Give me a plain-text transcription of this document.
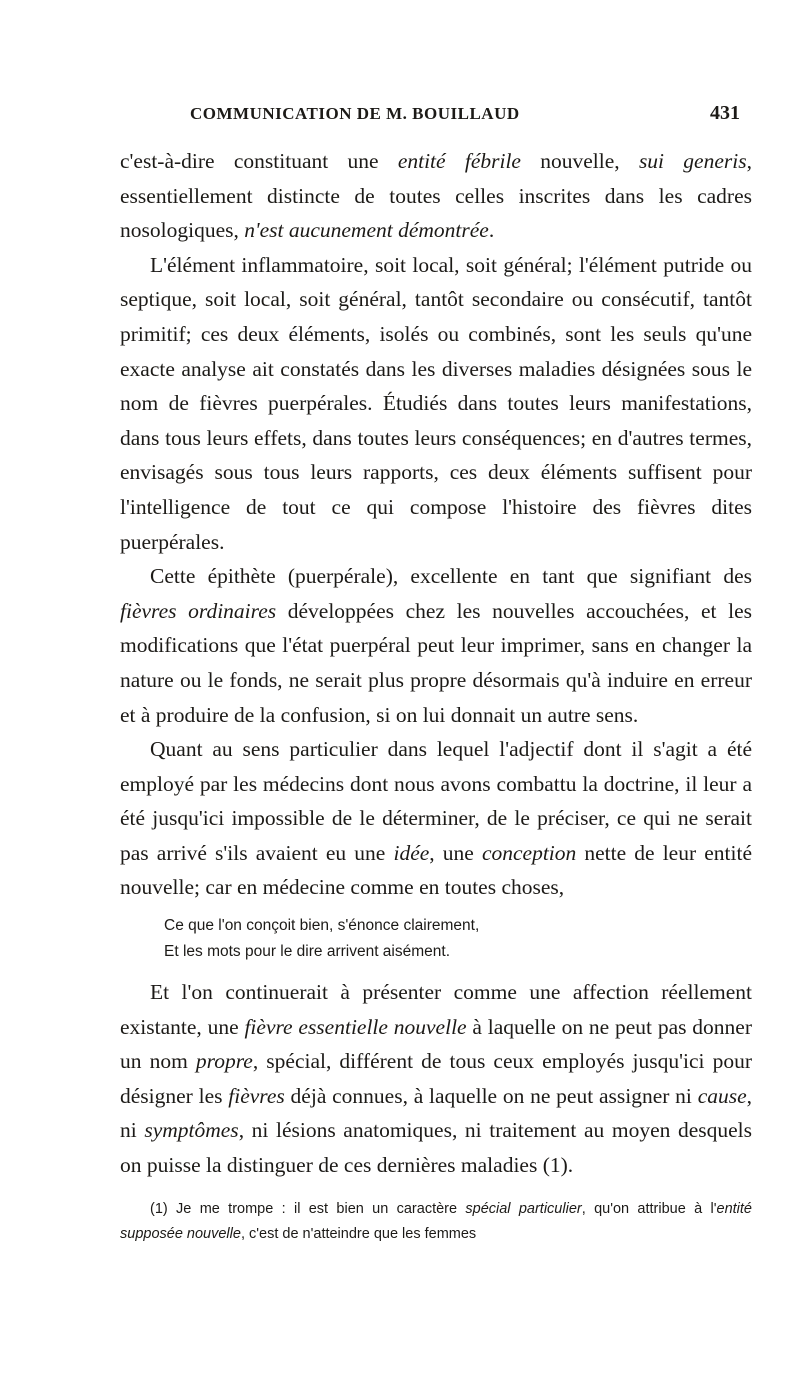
COMMUNICATION DE M. BOUILLAUD	431

c'est-à-dire constituant une entité fébrile nouvelle, sui generis, essentiellement distincte de toutes celles inscrites dans les cadres nosologiques, n'est aucunement démontrée.

L'élément inflammatoire, soit local, soit général; l'élément putride ou septique, soit local, soit général, tantôt secondaire ou consécutif, tantôt primitif; ces deux éléments, isolés ou combinés, sont les seuls qu'une exacte analyse ait constatés dans les diverses maladies désignées sous le nom de fièvres puerpérales. Étudiés dans toutes leurs manifestations, dans tous leurs effets, dans toutes leurs conséquences; en d'autres termes, envisagés sous tous leurs rapports, ces deux éléments suffisent pour l'intelligence de tout ce qui compose l'histoire des fièvres dites puerpérales.

Cette épithète (puerpérale), excellente en tant que signifiant des fièvres ordinaires développées chez les nouvelles accouchées, et les modifications que l'état puerpéral peut leur imprimer, sans en changer la nature ou le fonds, ne serait plus propre désormais qu'à induire en erreur et à produire de la confusion, si on lui donnait un autre sens.

Quant au sens particulier dans lequel l'adjectif dont il s'agit a été employé par les médecins dont nous avons combattu la doctrine, il leur a été jusqu'ici impossible de le déterminer, de le préciser, ce qui ne serait pas arrivé s'ils avaient eu une idée, une conception nette de leur entité nouvelle; car en médecine comme en toutes choses,

Ce que l'on conçoit bien, s'énonce clairement,
Et les mots pour le dire arrivent aisément.

Et l'on continuerait à présenter comme une affection réellement existante, une fièvre essentielle nouvelle à laquelle on ne peut pas donner un nom propre, spécial, différent de tous ceux employés jusqu'ici pour désigner les fièvres déjà connues, à laquelle on ne peut assigner ni cause, ni symptômes, ni lésions anatomiques, ni traitement au moyen desquels on puisse la distinguer de ces dernières maladies (1).

(1) Je me trompe : il est bien un caractère spécial particulier, qu'on attribue à l'entité supposée nouvelle, c'est de n'atteindre que les femmes
